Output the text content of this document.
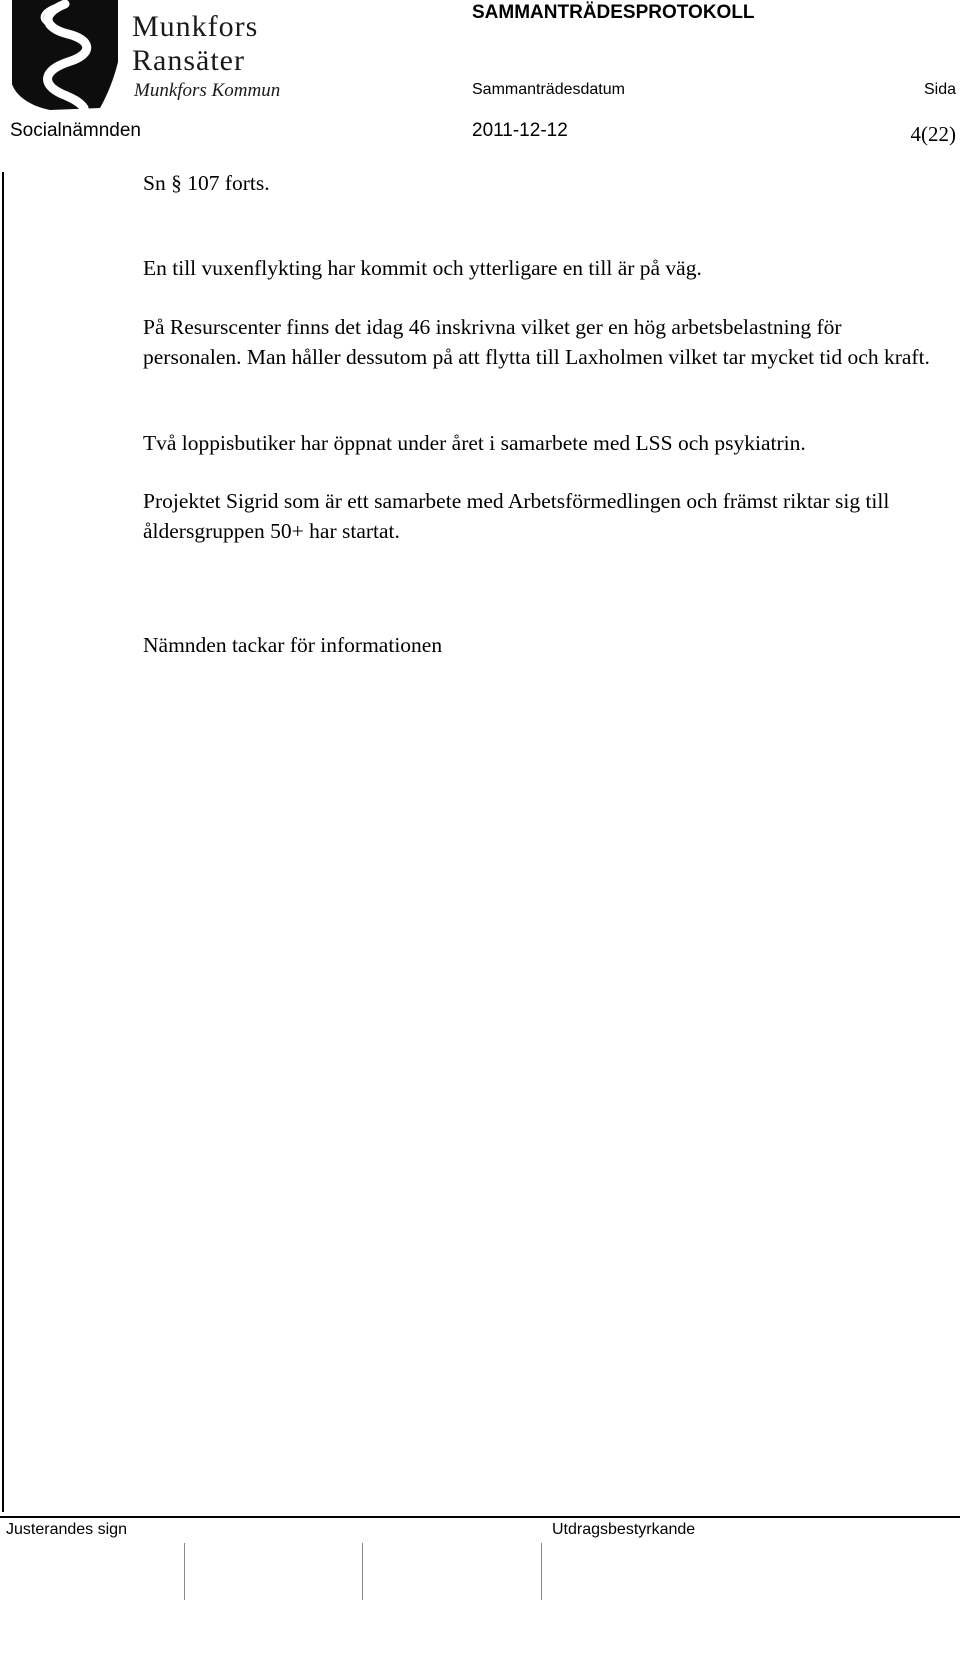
Munkfors
Ransäter
Munkfors Kommun
SAMMANTRÄDESPROTOKOLL
Sammanträdesdatum	Sida
Socialnämnden	2011-12-12	4(22)
Sn § 107 forts.
En till vuxenflykting har kommit och ytterligare en till är på väg.
På Resurscenter finns det idag 46 inskrivna vilket ger en hög arbetsbelastning för personalen. Man håller dessutom på att flytta till Laxholmen vilket tar mycket tid och kraft.
Två loppisbutiker har öppnat under året i samarbete med LSS och psykiatrin.
Projektet Sigrid som är ett samarbete med Arbetsförmedlingen och främst riktar sig till åldersgruppen 50+ har startat.
Nämnden tackar för informationen
Justerandes sign	Utdragsbestyrkande
